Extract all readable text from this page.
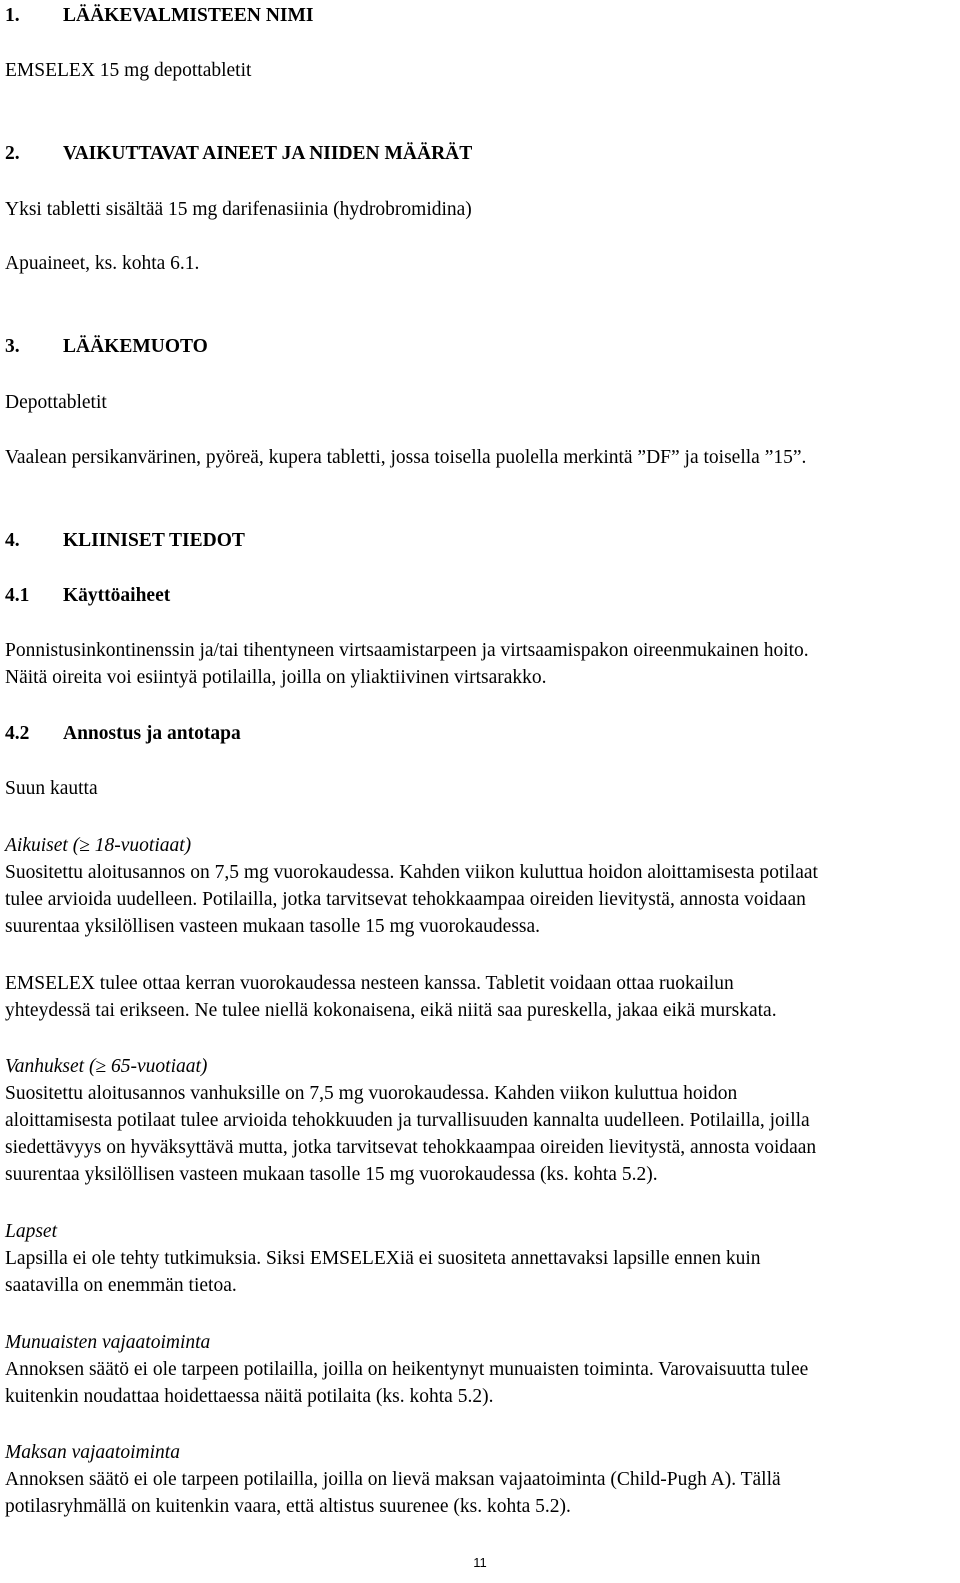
1. LÄÄKEVALMISTEEN NIMI
EMSELEX 15 mg depottabletit
2. VAIKUTTAVAT AINEET JA NIIDEN MÄÄRÄT
Yksi tabletti sisältää 15 mg darifenasiinia (hydrobromidina)
Apuaineet, ks. kohta 6.1.
3. LÄÄKEMUOTO
Depottabletit
Vaalean persikanvärinen, pyöreä, kupera tabletti, jossa toisella puolella merkintä ”DF” ja toisella ”15”.
4. KLIINISET TIEDOT
4.1 Käyttöaiheet
Ponnistusinkontinenssin ja/tai tihentyneen virtsaamistarpeen ja virtsaamispakon oireenmukainen hoito.
Näitä oireita voi esiintyä potilailla, joilla on yliaktiivinen virtsarakko.
4.2 Annostus ja antotapa
Suun kautta
Aikuiset (≥ 18-vuotiaat)
Suositettu aloitusannos on 7,5 mg vuorokaudessa. Kahden viikon kuluttua hoidon aloittamisesta potilaat
tulee arvioida uudelleen. Potilailla, jotka tarvitsevat tehokkaampaa oireiden lievitystä, annosta voidaan
suurentaa yksilöllisen vasteen mukaan tasolle 15 mg vuorokaudessa.
EMSELEX tulee ottaa kerran vuorokaudessa nesteen kanssa. Tabletit voidaan ottaa ruokailun
yhteydessä tai erikseen. Ne tulee niellä kokonaisena, eikä niitä saa pureskella, jakaa eikä murskata.
Vanhukset (≥ 65-vuotiaat)
Suositettu aloitusannos vanhuksille on 7,5 mg vuorokaudessa. Kahden viikon kuluttua hoidon
aloittamisesta potilaat tulee arvioida tehokkuuden ja turvallisuuden kannalta uudelleen. Potilailla, joilla
siedettävyys on hyväksyttävä mutta, jotka tarvitsevat tehokkaampaa oireiden lievitystä, annosta voidaan
suurentaa yksilöllisen vasteen mukaan tasolle 15 mg vuorokaudessa (ks. kohta 5.2).
Lapset
Lapsilla ei ole tehty tutkimuksia. Siksi EMSELEXiä ei suositeta annettavaksi lapsille ennen kuin
saatavilla on enemmän tietoa.
Munuaisten vajaatoiminta
Annoksen säätö ei ole tarpeen potilailla, joilla on heikentynyt munuaisten toiminta. Varovaisuutta tulee
kuitenkin noudattaa hoidettaessa näitä potilaita (ks. kohta 5.2).
Maksan vajaatoiminta
Annoksen säätö ei ole tarpeen potilailla, joilla on lievä maksan vajaatoiminta (Child-Pugh A). Tällä
potilasryhmällä on kuitenkin vaara, että altistus suurenee (ks. kohta 5.2).
11
